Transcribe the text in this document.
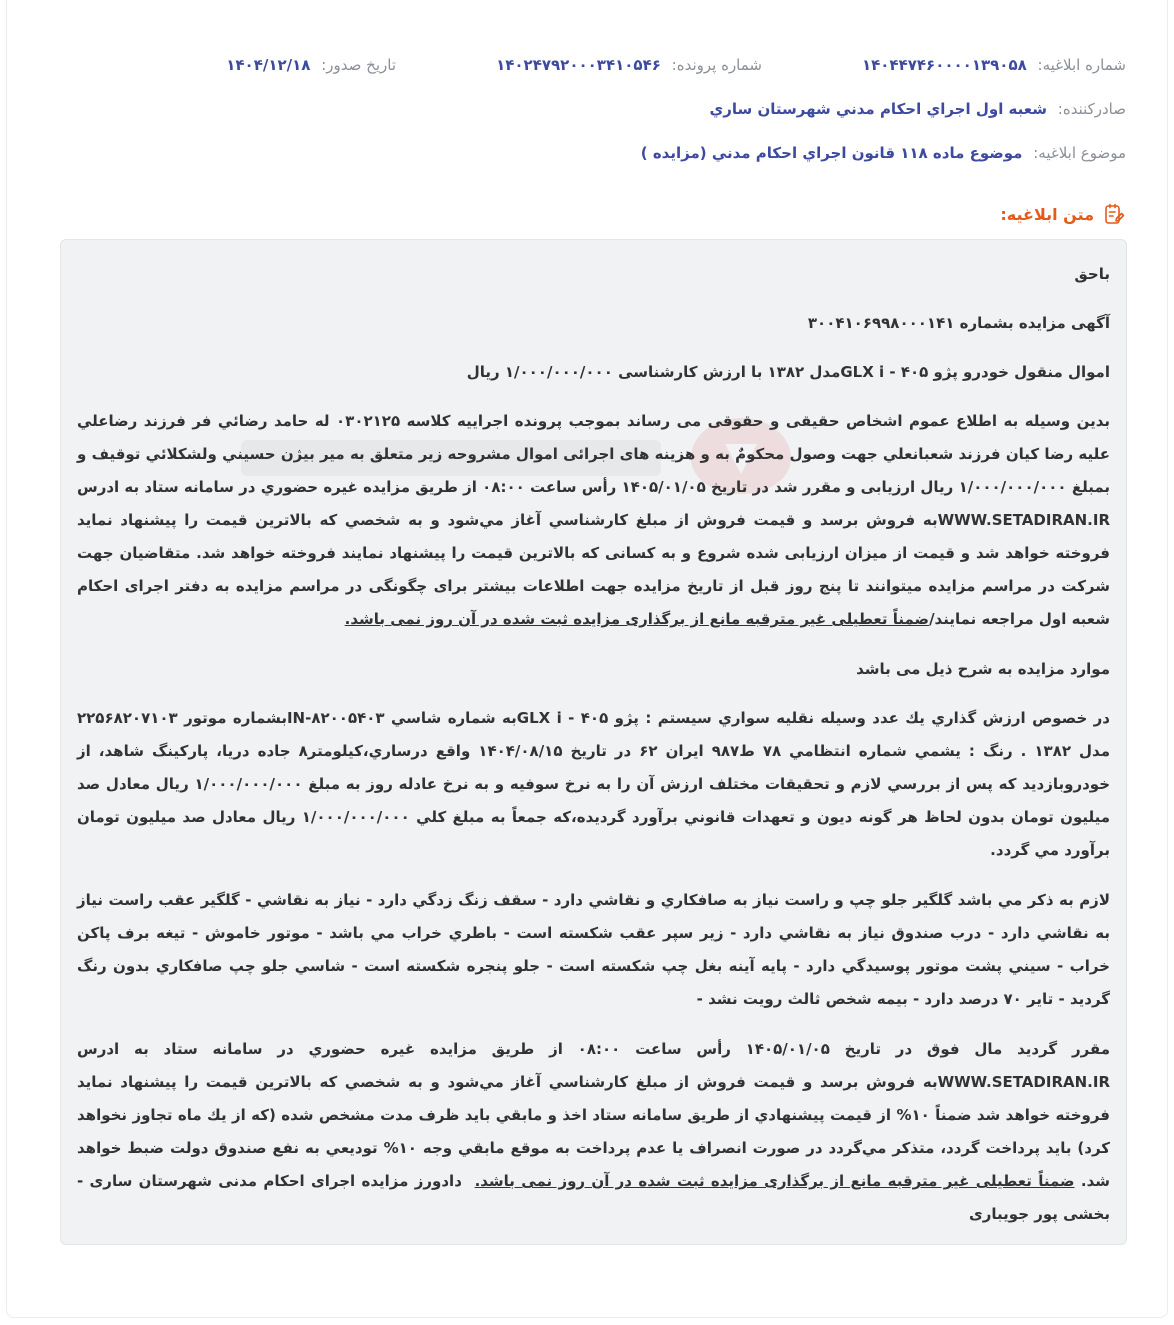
شماره ابلاغیه: ۱۴۰۴۴۷۴۶۰۰۰۰۱۳۹۰۵۸
شماره پرونده: ۱۴۰۲۴۷۹۲۰۰۰۳۴۱۰۵۴۶
تاریخ صدور: ۱۴۰۴/۱۲/۱۸
صادرکننده: شعبه اول اجراي احكام مدني شهرستان ساري
موضوع ابلاغیه: موضوع ماده ۱۱۸ قانون اجراي احكام مدني (مزايده )
متن ابلاغیه:

باحق

آگهی مزایده بشماره ۳۰۰۴۱۰۶۹۹۸۰۰۰۱۴۱

اموال منقول خودرو پژو ۴۰۵ - GLX iمدل ۱۳۸۲ با ارزش کارشناسی ۱/۰۰۰/۰۰۰/۰۰۰ ریال

بدین وسیله به اطلاع عموم اشخاص حقیقی و حقوقی می رساند بموجب پرونده اجراییه کلاسه ۰۳۰۲۱۲۵ له حامد رضائي فر فرزند رضاعلي عليه رضا كيان فرزند شعبانعلي جهت وصول محکومٌ به و هزینه های اجرائی اموال مشروحه زیر متعلق به مير بيژن حسيني ولشكلائي توقیف و بمبلغ ۱/۰۰۰/۰۰۰/۰۰۰ ریال ارزیابی و مقرر شد در تاریخ ۱۴۰۵/۰۱/۰۵ رأس ساعت ۰۸:۰۰ از طريق مزايده غيره حضوري در سامانه ستاد به ادرس WWW.SETADIRAN.IRبه فروش برسد و قيمت فروش از مبلغ كارشناسي آغاز مي‌شود و به شخصي كه بالاترين قيمت را پيشنهاد نمايد فروخته خواهد شد و قیمت از میزان ارزیابی شده شروع و به کسانی که بالاترین قیمت را پیشنهاد نمایند فروخته خواهد شد. متقاضیان جهت شرکت در مراسم مزایده میتوانند تا پنج روز قبل از تاریخ مزایده جهت اطلاعات بیشتر برای چگونگی در مراسم مزایده به دفتر اجرای احکام شعبه اول مراجعه نمایند/ضمناً تعطیلی غیر مترقبه مانع از برگذاری مزایده ثبت شده در آن روز نمی باشد.

موارد مزایده به شرح ذیل می باشد

در خصوص ارزش گذاري يك عدد وسيله نقليه سواري سيستم : پژو ۴۰۵ - GLX iبه شماره شاسي IN-۸۲۰۰۵۴۰۳بشماره موتور ۲۲۵۶۸۲۰۷۱۰۳ مدل ۱۳۸۲ . رنگ : يشمي شماره انتظامي ۷۸ ط۹۸۷ ايران ۶۲ در تاريخ ۱۴۰۴/۰۸/۱۵ واقع درساري،كيلومتر۸ جاده دريا، پاركينگ شاهد، از خودروبازديد كه پس از بررسي لازم و تحقيقات مختلف ارزش آن را به نرخ سوفيه و به نرخ عادله روز به مبلغ ۱/۰۰۰/۰۰۰/۰۰۰ ريال معادل صد ميليون تومان بدون لحاظ هر گونه ديون و تعهدات قانوني برآورد گرديده،كه جمعاً به مبلغ كلي ۱/۰۰۰/۰۰۰/۰۰۰ ريال معادل صد ميليون تومان برآورد مي گردد.

لازم به ذكر مي باشد گلگير جلو چپ و راست نياز به صافكاري و نقاشي دارد - سقف زنگ زدگي دارد - نياز به نقاشي - گلگير عقب راست نياز به نقاشي دارد - درب صندوق نياز به نقاشي دارد - زير سپر عقب شكسته است - باطري خراب مي باشد - موتور خاموش - تيغه برف پاكن خراب - سيني پشت موتور پوسيدگي دارد - پايه آينه بغل چپ شكسته است - جلو پنجره شكسته است - شاسي جلو چپ صافكاري بدون رنگ گرديد - تاير ۷۰ درصد دارد - بيمه شخص ثالث رويت نشد -

مقرر گرديد مال فوق در تاريخ ۱۴۰۵/۰۱/۰۵ رأس ساعت ۰۸:۰۰ از طريق مزايده غيره حضوري در سامانه ستاد به ادرس WWW.SETADIRAN.IRبه فروش برسد و قيمت فروش از مبلغ كارشناسي آغاز مي‌شود و به شخصي كه بالاترين قيمت را پيشنهاد نمايد فروخته خواهد شد ضمناً ۱۰% از قيمت پيشنهادي از طريق سامانه ستاد اخذ و مابقي بايد ظرف مدت مشخص شده (كه از يك ماه تجاوز نخواهد كرد) بايد پرداخت گردد، متذكر مي‌گردد در صورت انصراف يا عدم پرداخت به موقع مابقي وجه ۱۰% توديعي به نفع صندوق دولت ضبط خواهد شد. ضمناً تعطیلی غیر مترقبه مانع از برگذاری مزایده ثبت شده در آن روز نمی باشد.  دادورز مزایده اجرای احکام مدنی شهرستان ساری - بخشی پور جویباری
